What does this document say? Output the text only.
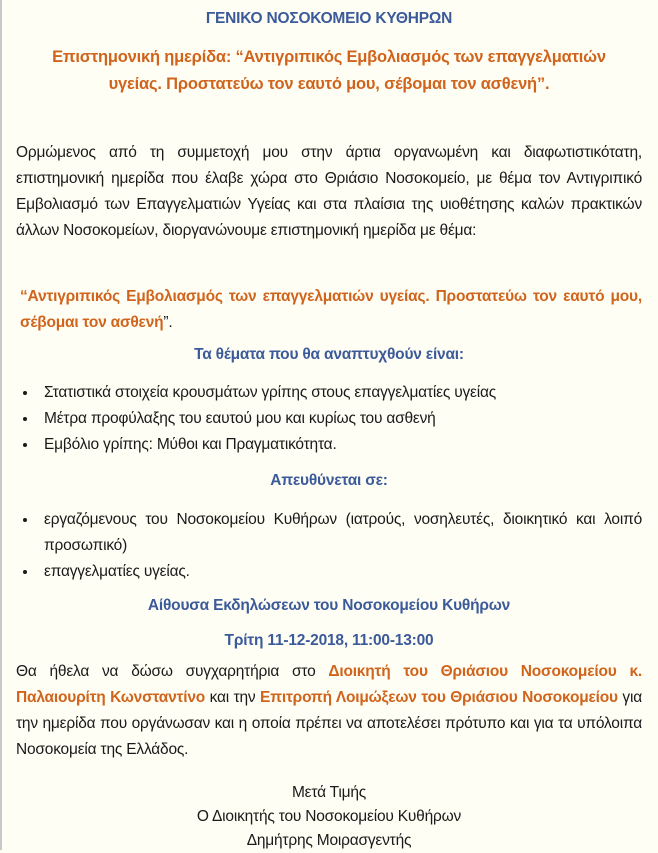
ΓΕΝΙΚΟ ΝΟΣΟΚΟΜΕΙΟ ΚΥΘΗΡΩΝ
Επιστημονική ημερίδα: “Αντιγριπικός Εμβολιασμός των επαγγελματιών
υγείας. Προστατεύω τον εαυτό μου, σέβομαι τον ασθενή”.
Ορμώμενος από τη συμμετοχή μου στην άρτια οργανωμένη και διαφωτιστικότατη, επιστημονική ημερίδα που έλαβε χώρα στο Θριάσιο Νοσοκομείο, με θέμα τον Αντιγριπικό Εμβολιασμό των Επαγγελματιών Υγείας και στα πλαίσια της υιοθέτησης καλών πρακτικών άλλων Νοσοκομείων, διοργανώνουμε επιστημονική ημερίδα με θέμα:
“Αντιγριπικός Εμβολιασμός των επαγγελματιών υγείας. Προστατεύω τον εαυτό μου, σέβομαι τον ασθενή”.
Τα θέματα που θα αναπτυχθούν είναι:
• Στατιστικά στοιχεία κρουσμάτων γρίπης στους επαγγελματίες υγείας
• Μέτρα προφύλαξης του εαυτού μου και κυρίως του ασθενή
• Εμβόλιο γρίπης: Μύθοι και Πραγματικότητα.
Απευθύνεται σε:
• εργαζόμενους του Νοσοκομείου Κυθήρων (ιατρούς, νοσηλευτές, διοικητικό και λοιπό προσωπικό)
• επαγγελματίες υγείας.
Αίθουσα Εκδηλώσεων του Νοσοκομείου Κυθήρων
Τρίτη 11-12-2018, 11:00-13:00
Θα ήθελα να δώσω συγχαρητήρια στο Διοικητή του Θριάσιου Νοσοκομείου κ. Παλαιουρίτη Κωνσταντίνο και την Επιτροπή Λοιμώξεων του Θριάσιου Νοσοκομείου για την ημερίδα που οργάνωσαν και η οποία πρέπει να αποτελέσει πρότυπο και για τα υπόλοιπα Νοσοκομεία της Ελλάδος.
Μετά Τιμής
Ο Διοικητής του Νοσοκομείου Κυθήρων
Δημήτρης Μοιρασγεντής
